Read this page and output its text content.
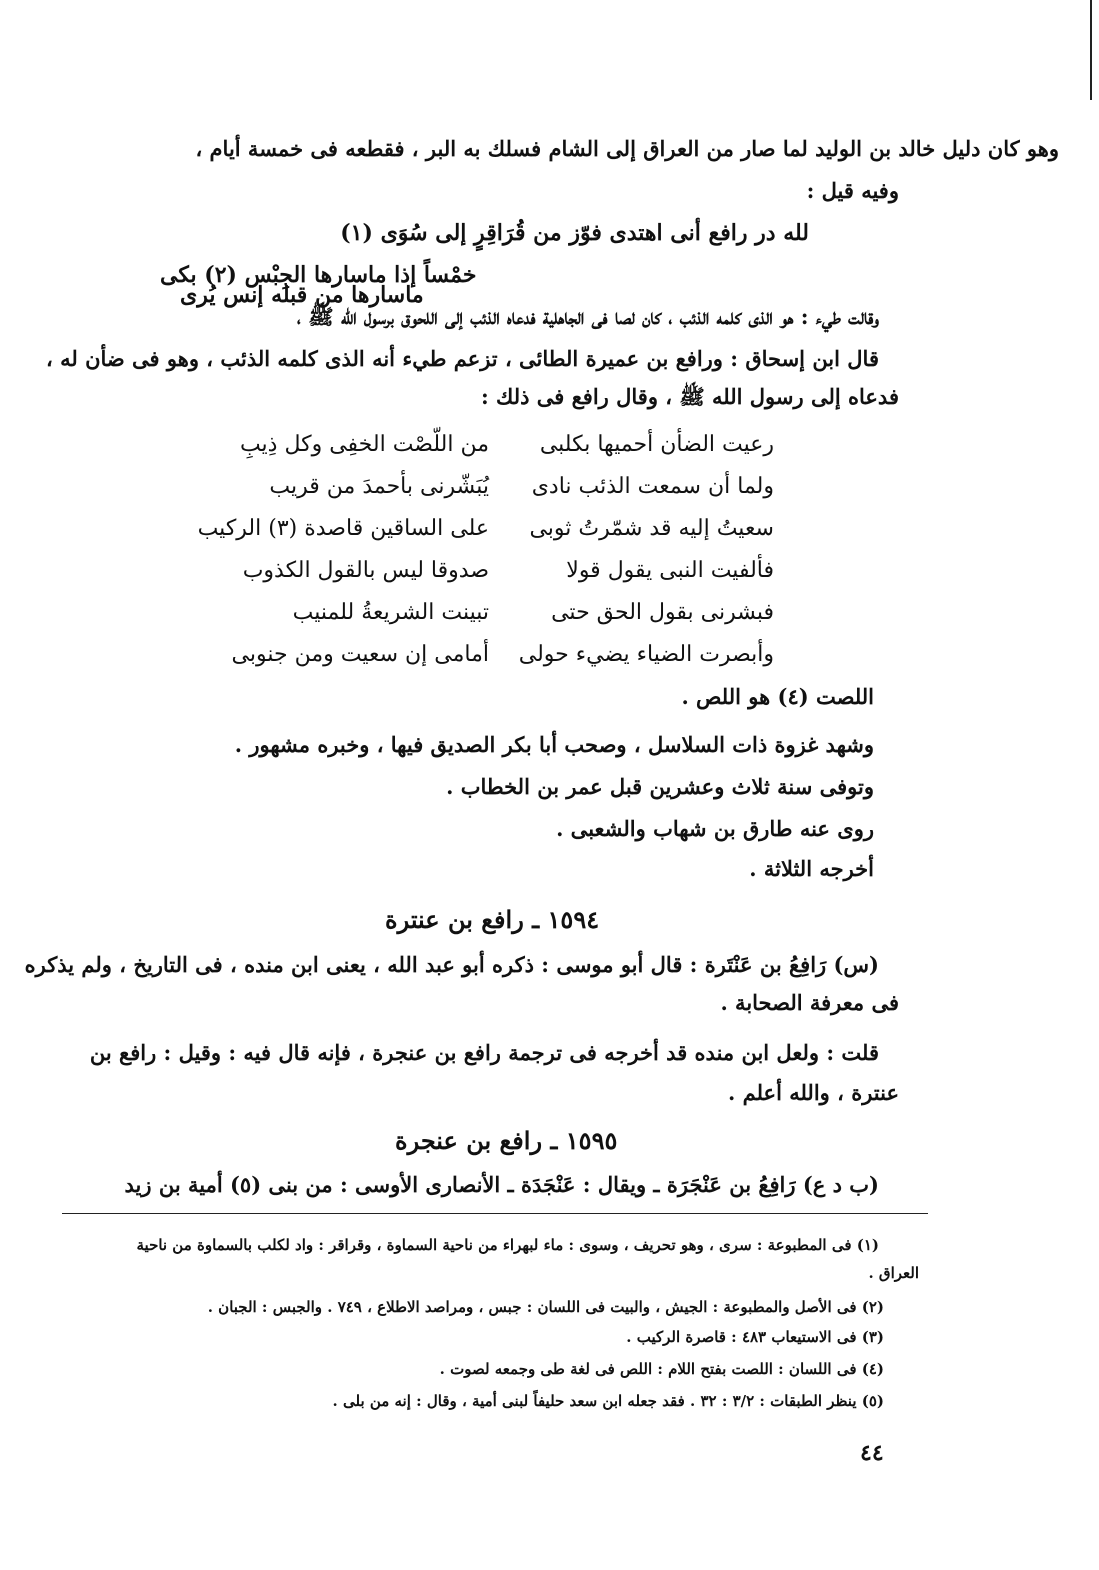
وهو كان دليل خالد بن الوليد لما صار من العراق إلى الشام فسلك به البر ، فقطعه فى خمسة أيام ،
وفيه قيل :
لله در رافع أنى اهتدى فوّز من قُرَاقِرٍ إلى سُوَى (١)
خمْساً إذا ماسارها الجِبْس (٢) بكى
ماسارها من قبله إنس يُرى
وقالت طيء : هو الذى كلمه الذئب ، كان لصا فى الجاهلية فدعاه الذئب إلى اللحوق برسول الله ﷺ ،
قال ابن إسحاق : ورافع بن عميرة الطائى ، تزعم طيء أنه الذى كلمه الذئب ، وهو فى ضأن له ،
فدعاه إلى رسول الله ﷺ ، وقال رافع فى ذلك :
رعيت الضأن أحميها بكلبى
من اللّصْت الخفِى وكل ذِيبِ
ولما أن سمعت الذئب نادى
يُبَشّرنى بأحمدَ من قريب
سعيتُ إليه قد شمّرتُ ثوبى
على الساقين قاصدة (٣) الركيب
فألفيت النبى يقول قولا
صدوقا ليس بالقول الكذوب
فبشرنى بقول الحق حتى
تبينت الشريعةُ للمنيب
وأبصرت الضياء يضيء حولى
أمامى إن سعيت ومن جنوبى
اللصت (٤) هو اللص .
وشهد غزوة ذات السلاسل ، وصحب أبا بكر الصديق فيها ، وخبره مشهور .
وتوفى سنة ثلاث وعشرين قبل عمر بن الخطاب .
روى عنه طارق بن شهاب والشعبى .
أخرجه الثلاثة .
١٥٩٤ ـ رافع بن عنترة
(س) رَافِعُ بن عَنْتَرة : قال أبو موسى : ذكره أبو عبد الله ، يعنى ابن منده ، فى التاريخ ، ولم يذكره
فى معرفة الصحابة .
قلت : ولعل ابن منده قد أخرجه فى ترجمة رافع بن عنجرة ، فإنه قال فيه : وقيل : رافع بن
عنترة ، والله أعلم .
١٥٩٥ ـ رافع بن عنجرة
(ب د ع) رَافِعُ بن عَنْجَرَة ـ ويقال : عَنْجَدَة ـ الأنصارى الأوسى : من بنى (٥) أمية بن زيد
(١) فى المطبوعة : سرى ، وهو تحريف ، وسوى : ماء لبهراء من ناحية السماوة ، وقراقر : واد لكلب بالسماوة من ناحية
العراق .
(٢) فى الأصل والمطبوعة : الجيش ، والبيت فى اللسان : جبس ، ومراصد الاطلاع ، ٧٤٩ . والجبس : الجبان .
(٣) فى الاستيعاب ٤٨٣ : قاصرة الركيب .
(٤) فى اللسان : اللصت بفتح اللام : اللص فى لغة طى وجمعه لصوت .
(٥) ينظر الطبقات : ٣/٢ : ٣٢ . فقد جعله ابن سعد حليفاً لبنى أمية ، وقال : إنه من بلى .
٤٤
